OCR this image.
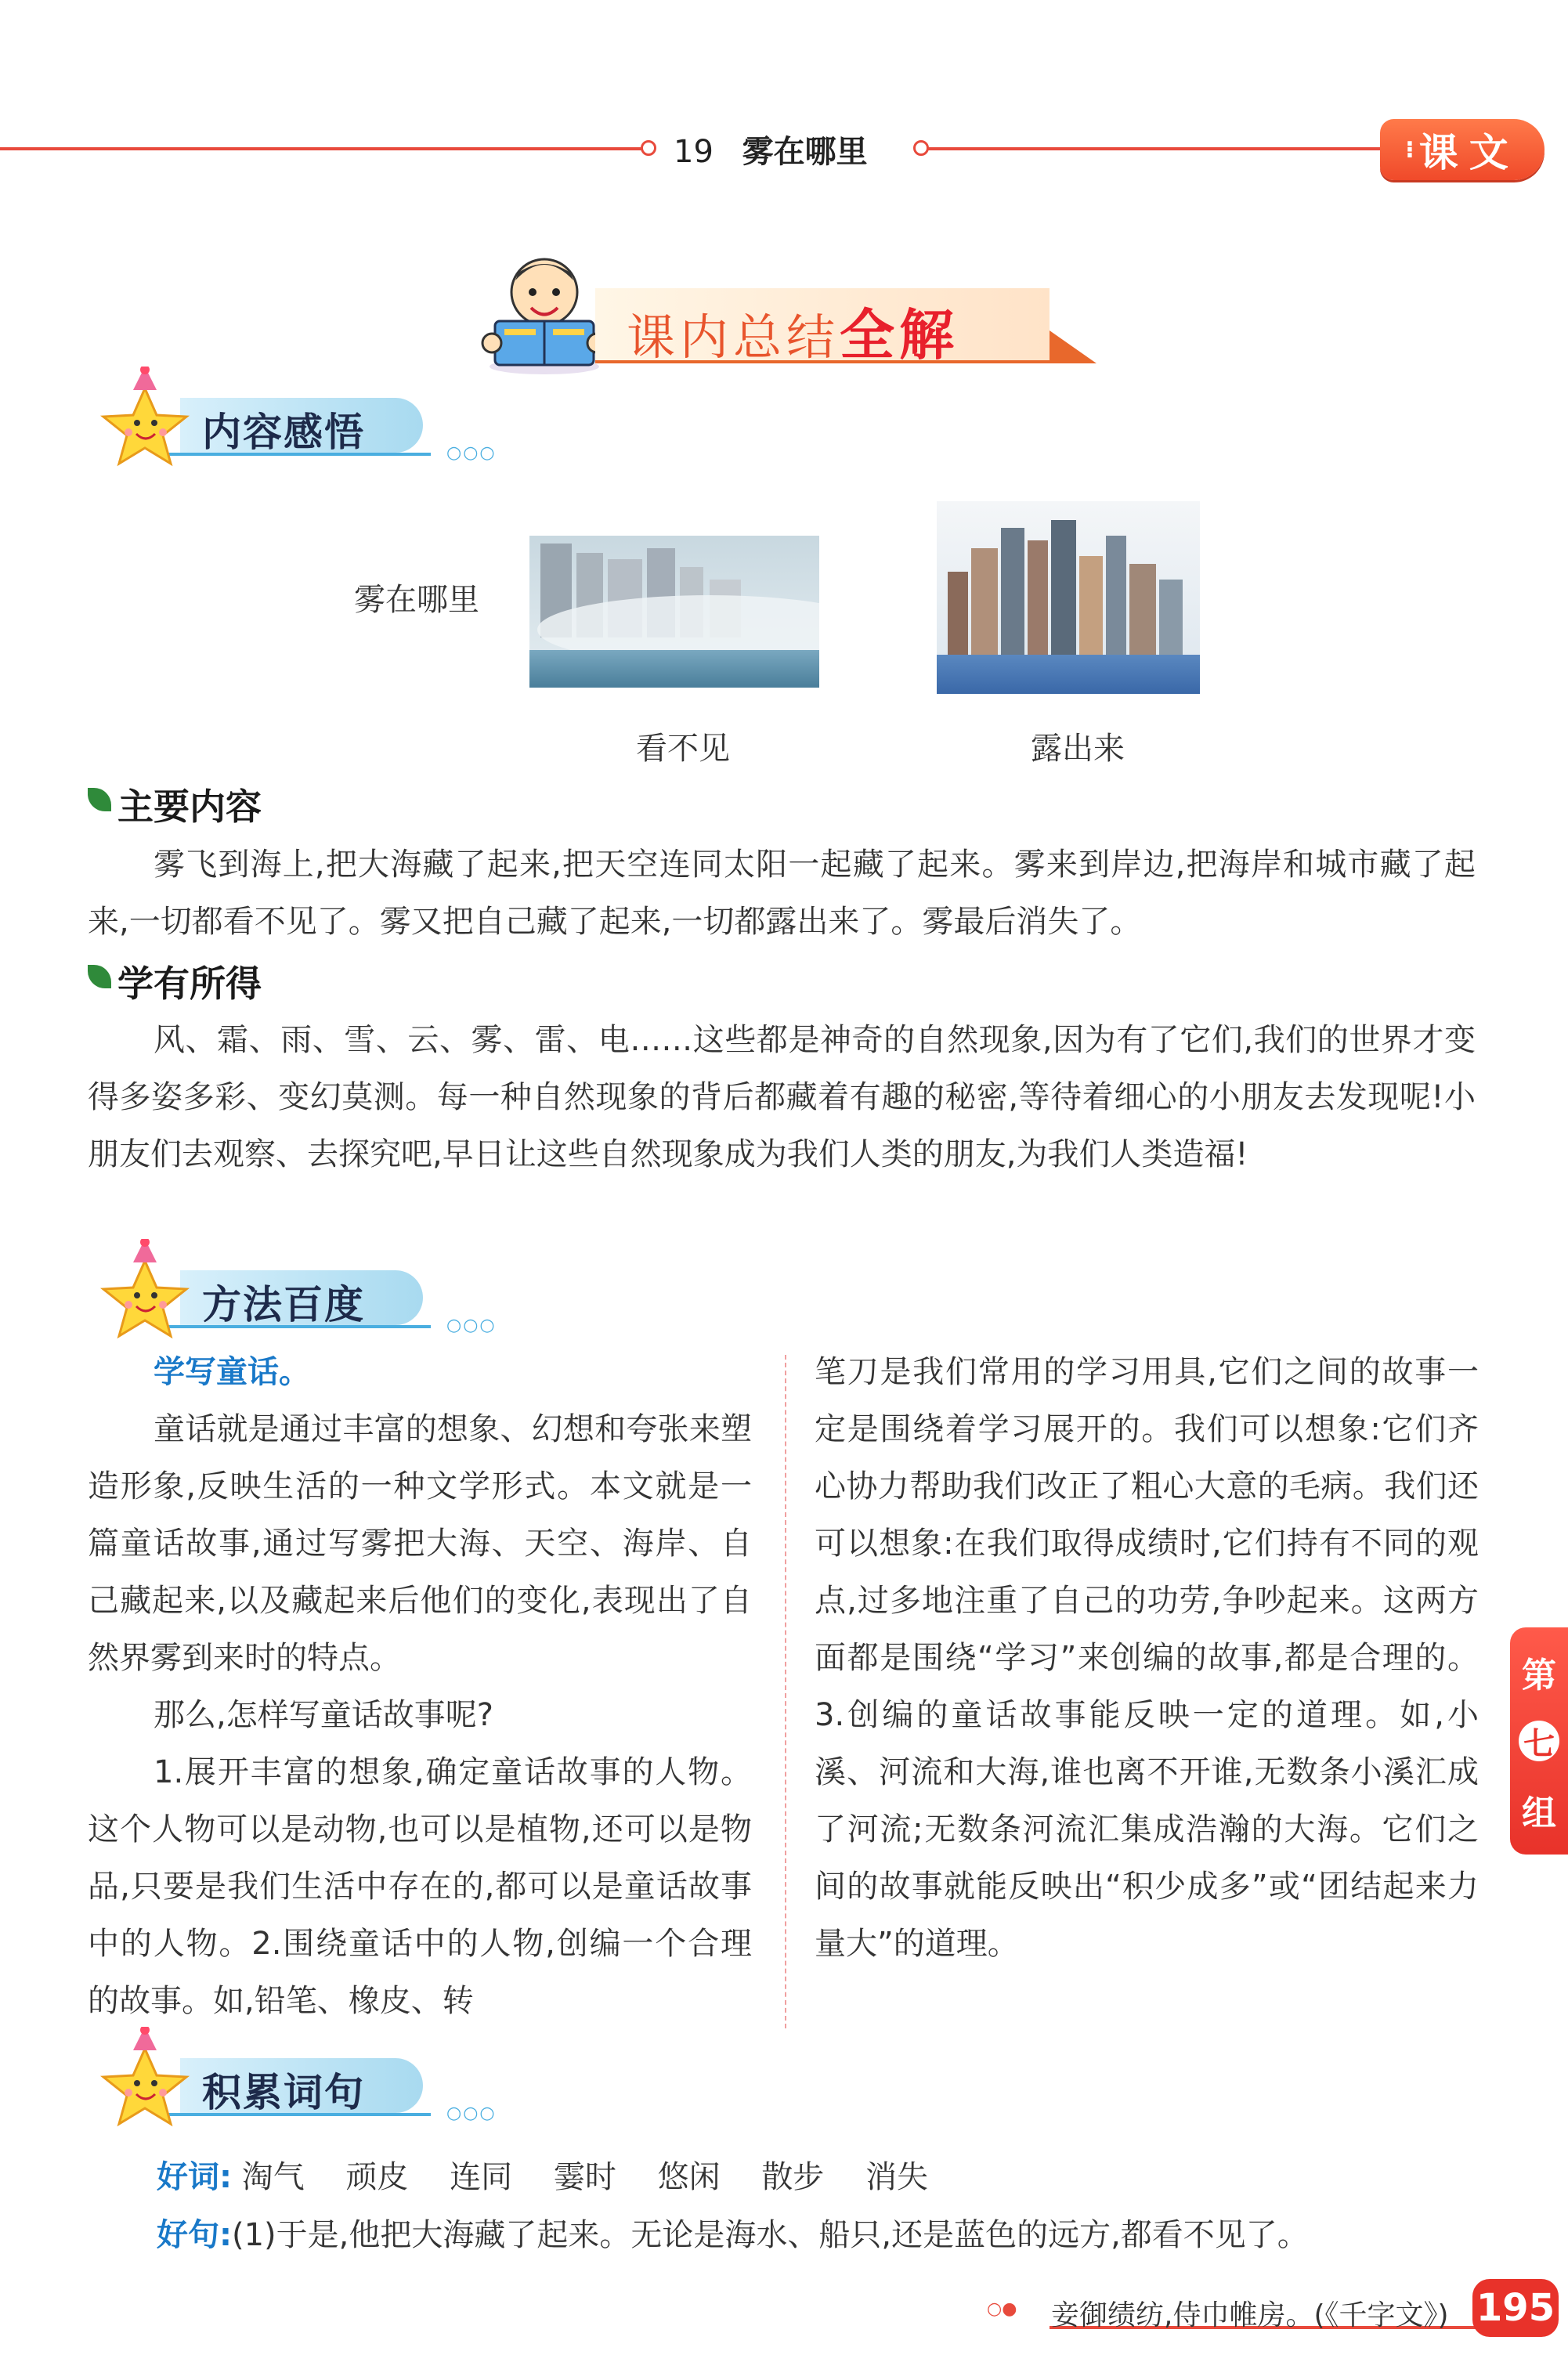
19 雾在哪里	⁝ 课文
课内总结全解
○○○
内容感悟
雾在哪里
看不见	露出来
主要内容
雾飞到海上,把大海藏了起来,把天空连同太阳一起藏了起来。雾来到岸边,把海岸和城市藏了起来,一切都看不见了。雾又把自己藏了起来,一切都露出来了。雾最后消失了。
学有所得
风、霜、雨、雪、云、雾、雷、电……这些都是神奇的自然现象,因为有了它们,我们的世界才变得多姿多彩、变幻莫测。每一种自然现象的背后都藏着有趣的秘密,等待着细心的小朋友去发现呢!小朋友们去观察、去探究吧,早日让这些自然现象成为我们人类的朋友,为我们人类造福!
○○○
方法百度
学写童话。
童话就是通过丰富的想象、幻想和夸张来塑造形象,反映生活的一种文学形式。本文就是一篇童话故事,通过写雾把大海、天空、海岸、自己藏起来,以及藏起来后他们的变化,表现出了自然界雾到来时的特点。
那么,怎样写童话故事呢?
1.展开丰富的想象,确定童话故事的人物。这个人物可以是动物,也可以是植物,还可以是物品,只要是我们生活中存在的,都可以是童话故事中的人物。2.围绕童话中的人物,创编一个合理的故事。如,铅笔、橡皮、转
笔刀是我们常用的学习用具,它们之间的故事一定是围绕着学习展开的。我们可以想象:它们齐心协力帮助我们改正了粗心大意的毛病。我们还可以想象:在我们取得成绩时,它们持有不同的观点,过多地注重了自己的功劳,争吵起来。这两方面都是围绕“学习”来创编的故事,都是合理的。3.创编的童话故事能反映一定的道理。如,小溪、河流和大海,谁也离不开谁,无数条小溪汇成了河流;无数条河流汇集成浩瀚的大海。它们之间的故事就能反映出“积少成多”或“团结起来力量大”的道理。
第
七
组
○○○
积累词句
好词: 淘气 顽皮 连同 霎时 悠闲 散步 消失
好句:(1)于是,他把大海藏了起来。无论是海水、船只,还是蓝色的远方,都看不见了。
○● 妾御绩纺,侍巾帷房。(《千字文》) 195
